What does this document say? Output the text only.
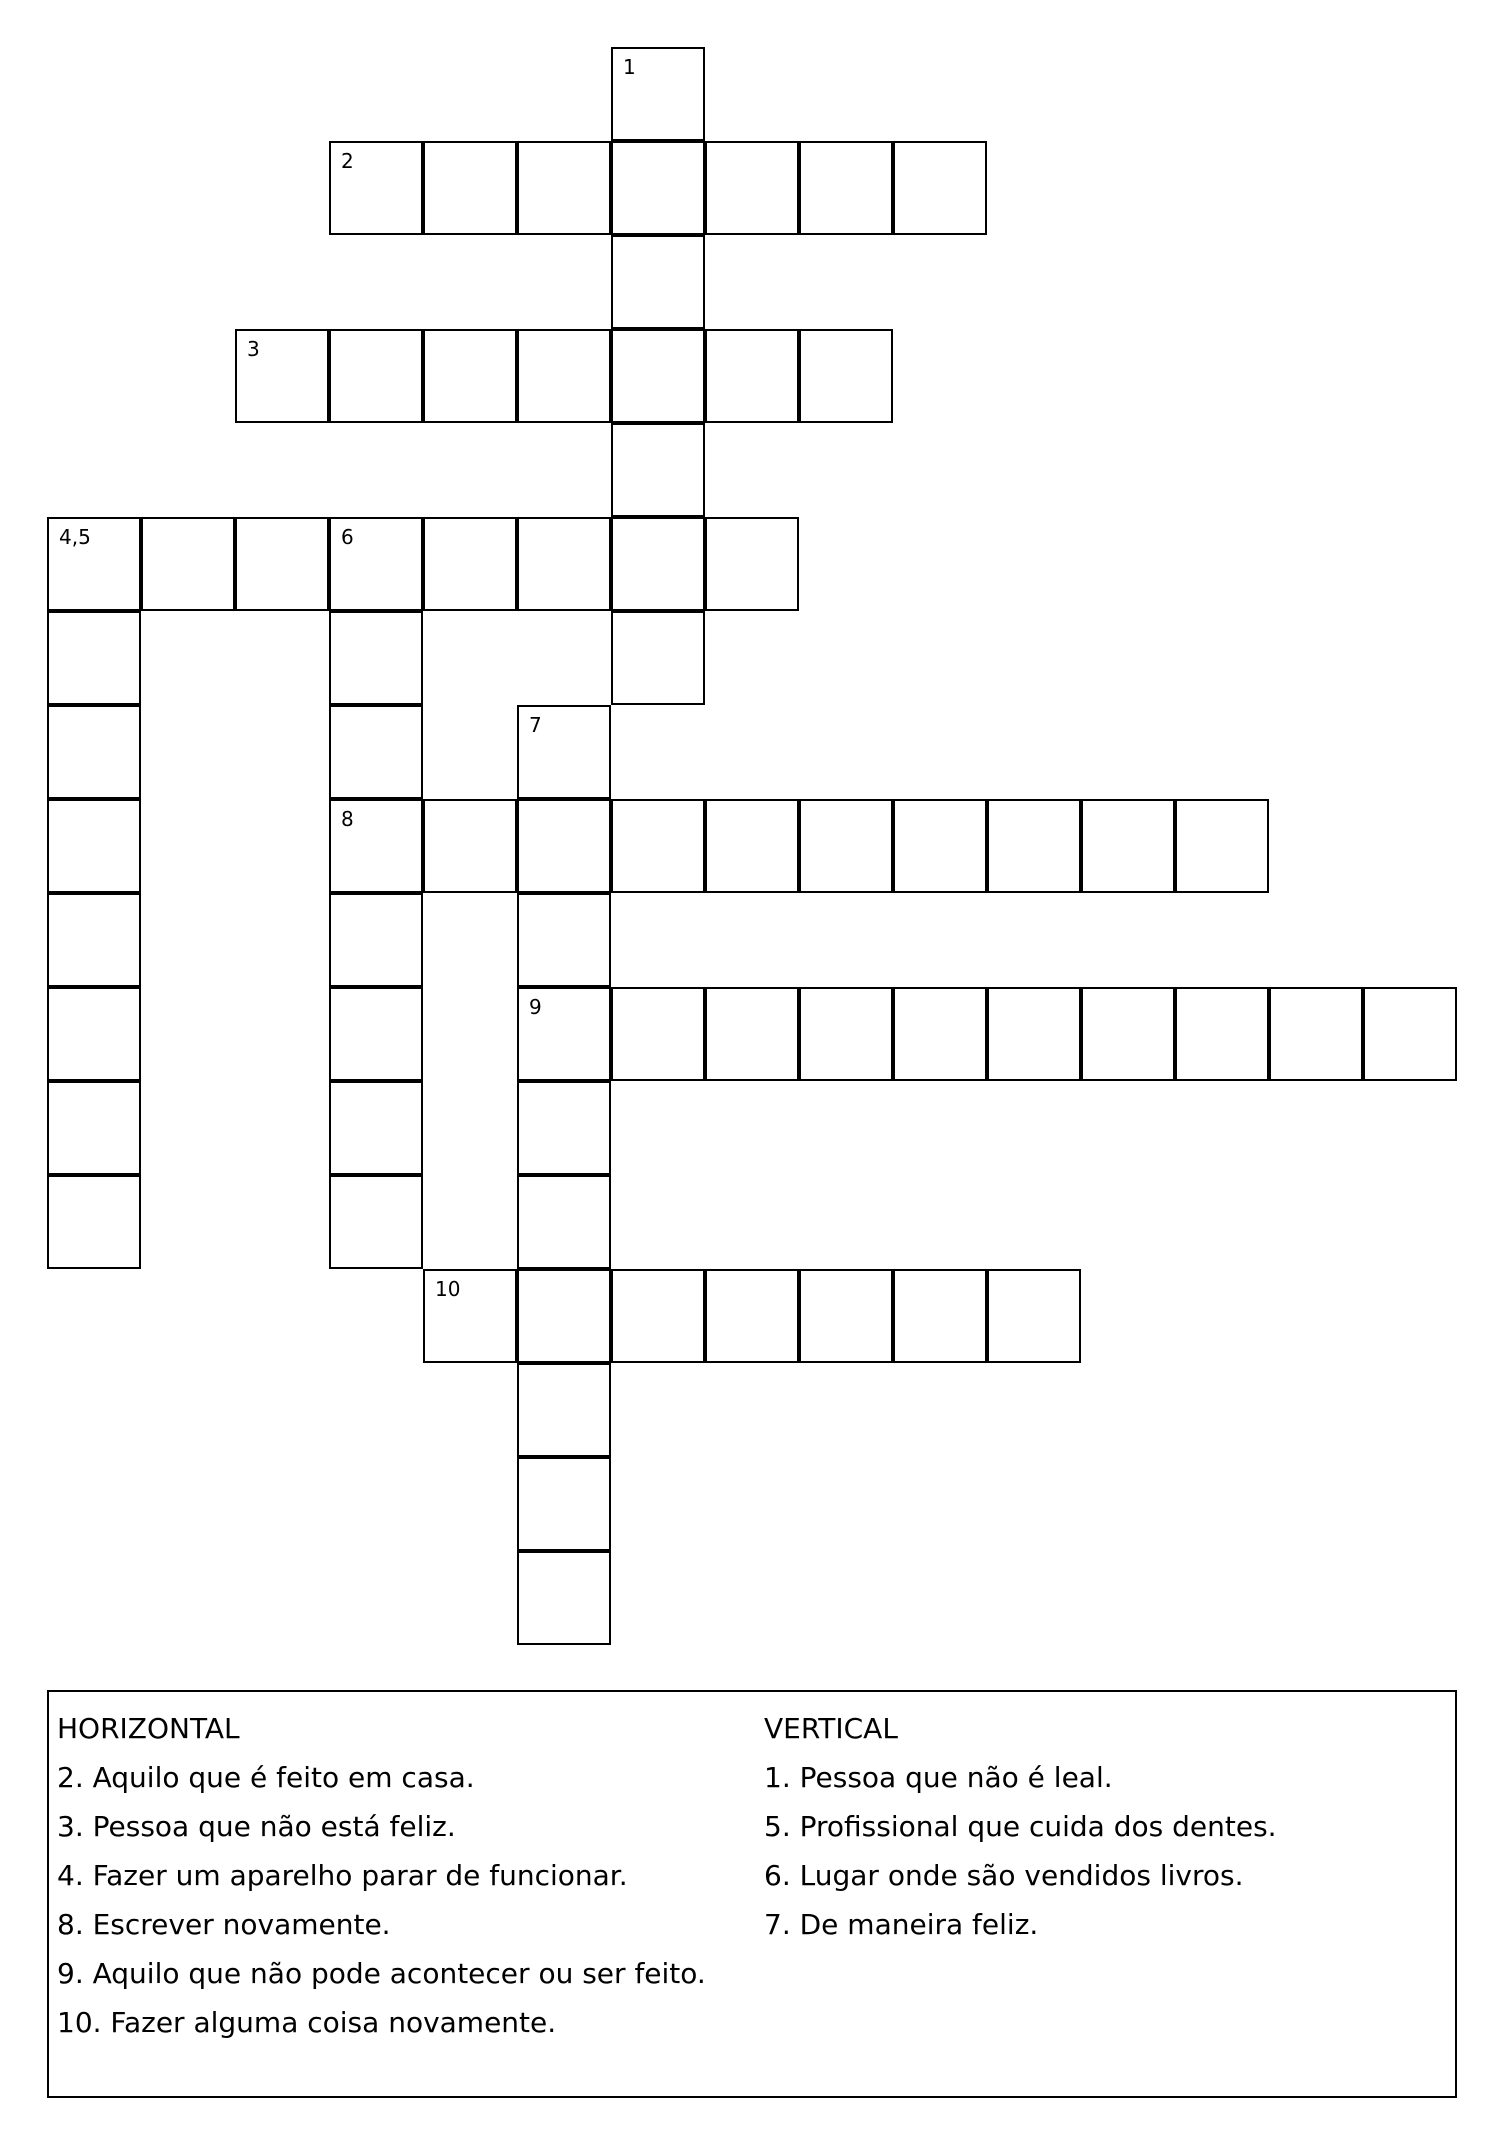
1
2
3
4,5	6
8
7
9
10
HORIZONTAL
2. Aquilo que é feito em casa.
3. Pessoa que não está feliz.
4. Fazer um aparelho parar de funcionar.
8. Escrever novamente.
9. Aquilo que não pode acontecer ou ser feito.
10. Fazer alguma coisa novamente.
VERTICAL
1. Pessoa que não é leal.
5. Profissional que cuida dos dentes.
6. Lugar onde são vendidos livros.
7. De maneira feliz.
